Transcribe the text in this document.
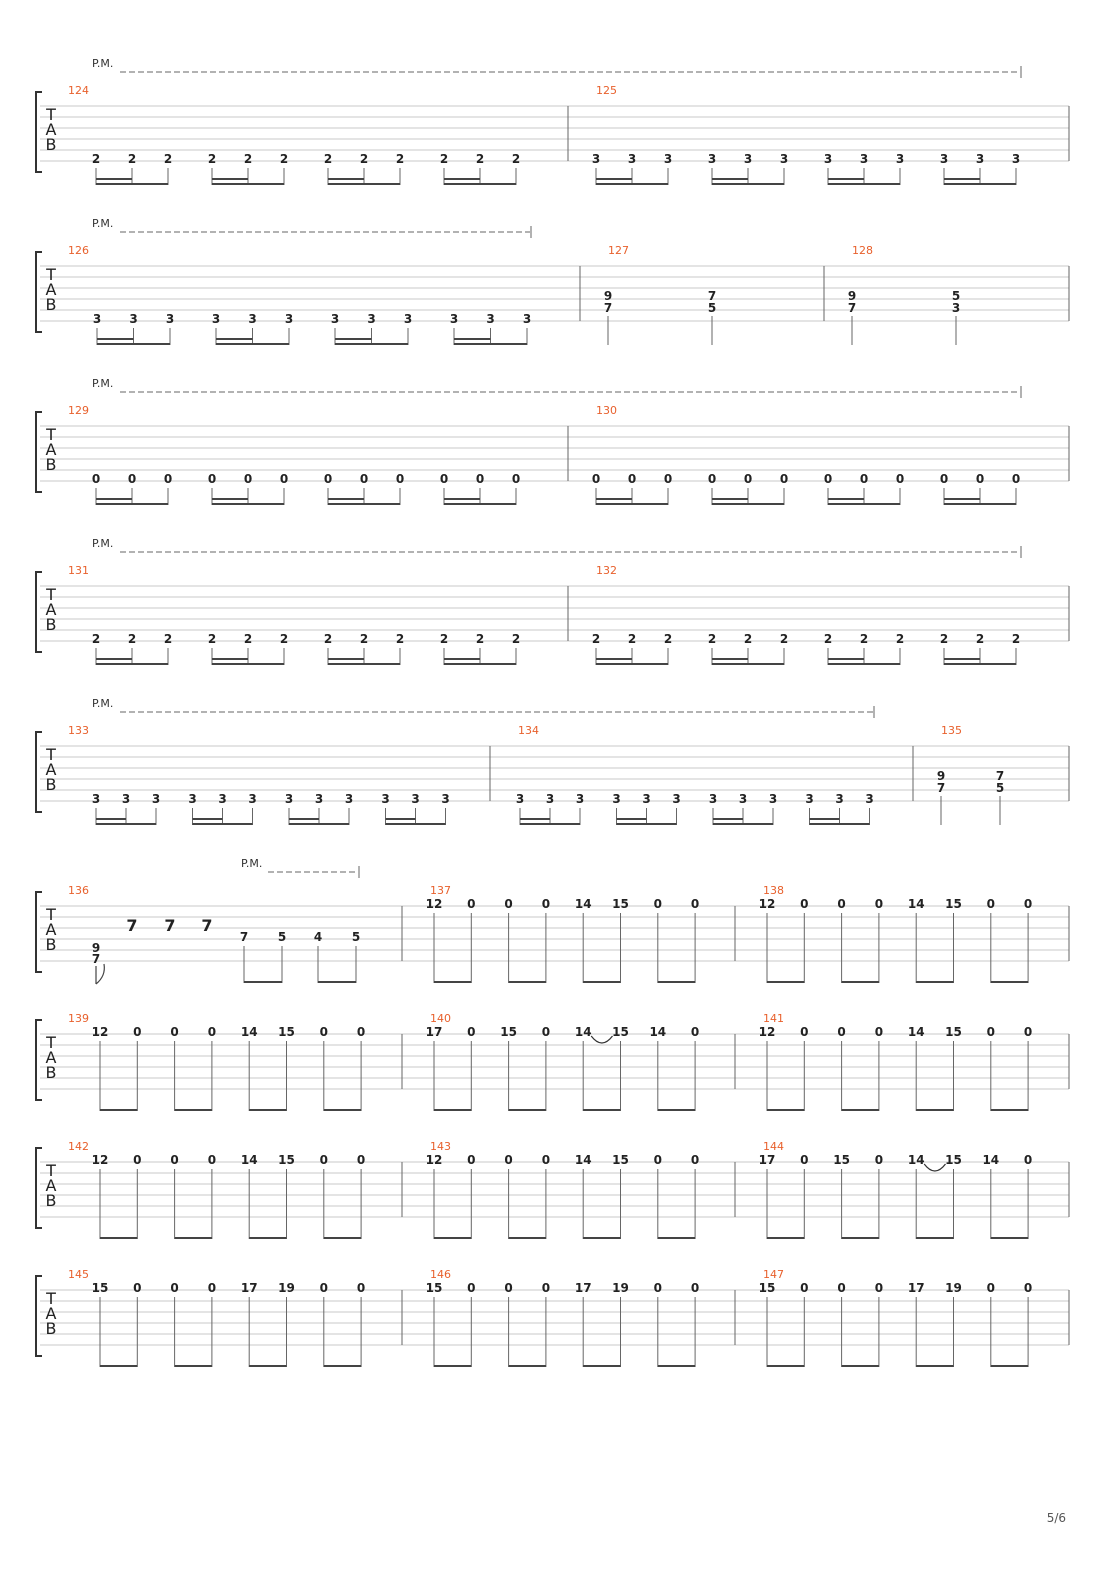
T
A
B
P.M.
124
2 2 2	2 2 2	2 2 2	2 2 2
125
3 3 3	3 3 3	3 3 3	3 3 3
T
A
B
P.M.
126
3 3 3	3 3 3	3 3 3	3 3 3
127
9
7
7
5
128
9
7
5
3
T
A
B
P.M.
129
0 0 0	0 0 0	0 0 0	0 0 0
130
0 0 0	0 0 0	0 0 0	0 0 0
T
A
B
P.M.
131
2 2 2	2 2 2	2 2 2	2 2 2
132
2 2 2	2 2 2	2 2 2	2 2 2
T
A
B
P.M.
133
3 3 3 3 3 3 3 3 3 3 3 3
134
3 3 3 3 3 3 3 3 3 3 3 3
135
9
7
7
5
T
A
B
P.M.
136
9
7
7 7 7
7 5 4 5
137
12 0 0 0 14 15 0 0
138
12 0 0 0 14 15 0 0
T
A
B
139
12 0 0 0 14 15 0 0
140
17 0 15 0 14 15 14 0
141
12 0 0 0 14 15 0 0
T
A
B
142
12 0 0 0 14 15 0 0
143
12 0 0 0 14 15 0 0
144
17 0 15 0 14 15 14 0
T
A
B
145
15 0 0 0 17 19 0 0
146
15 0 0 0 17 19 0 0
147
15 0 0 0 17 19 0 0
5/6
